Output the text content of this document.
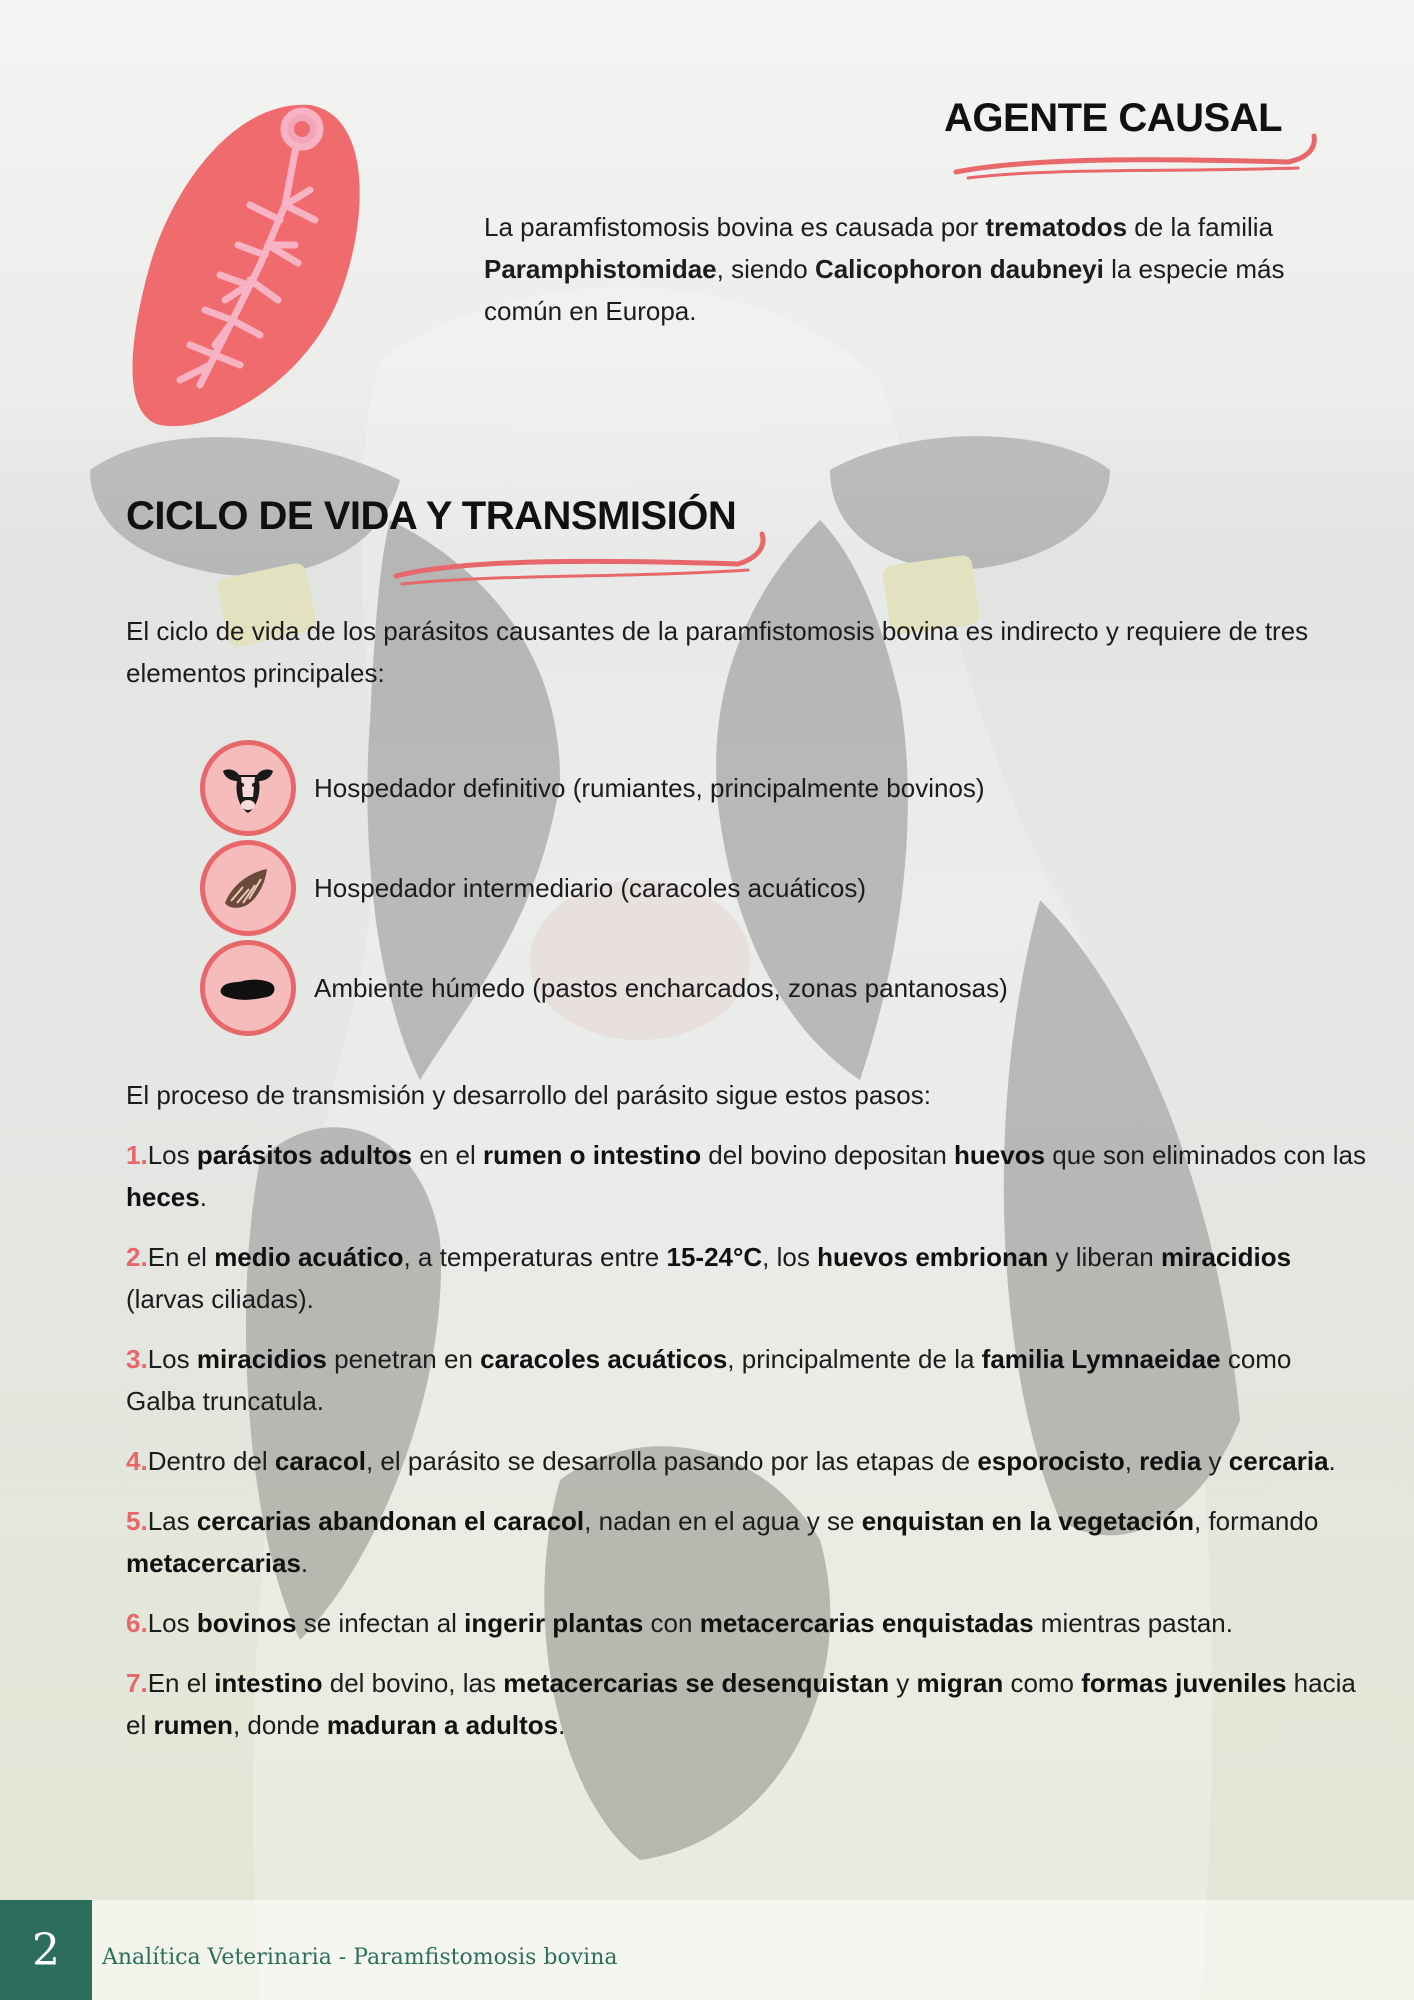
AGENTE CAUSAL

La paramfistomosis bovina es causada por trematodos de la familia Paramphistomidae, siendo Calicophoron daubneyi la especie más común en Europa.

CICLO DE VIDA Y TRANSMISIÓN

El ciclo de vida de los parásitos causantes de la paramfistomosis bovina es indirecto y requiere de tres elementos principales:

Hospedador definitivo (rumiantes, principalmente bovinos)
Hospedador intermediario (caracoles acuáticos)
Ambiente húmedo (pastos encharcados, zonas pantanosas)

El proceso de transmisión y desarrollo del parásito sigue estos pasos:

1.Los parásitos adultos en el rumen o intestino del bovino depositan huevos que son eliminados con las heces.

2.En el medio acuático, a temperaturas entre 15-24°C, los huevos embrionan y liberan miracidios (larvas ciliadas).

3.Los miracidios penetran en caracoles acuáticos, principalmente de la familia Lymnaeidae como Galba truncatula.

4.Dentro del caracol, el parásito se desarrolla pasando por las etapas de esporocisto, redia y cercaria.

5.Las cercarias abandonan el caracol, nadan en el agua y se enquistan en la vegetación, formando metacercarias.

6.Los bovinos se infectan al ingerir plantas con metacercarias enquistadas mientras pastan.

7.En el intestino del bovino, las metacercarias se desenquistan y migran como formas juveniles hacia el rumen, donde maduran a adultos.

2	Analítica Veterinaria - Paramfistomosis bovina
